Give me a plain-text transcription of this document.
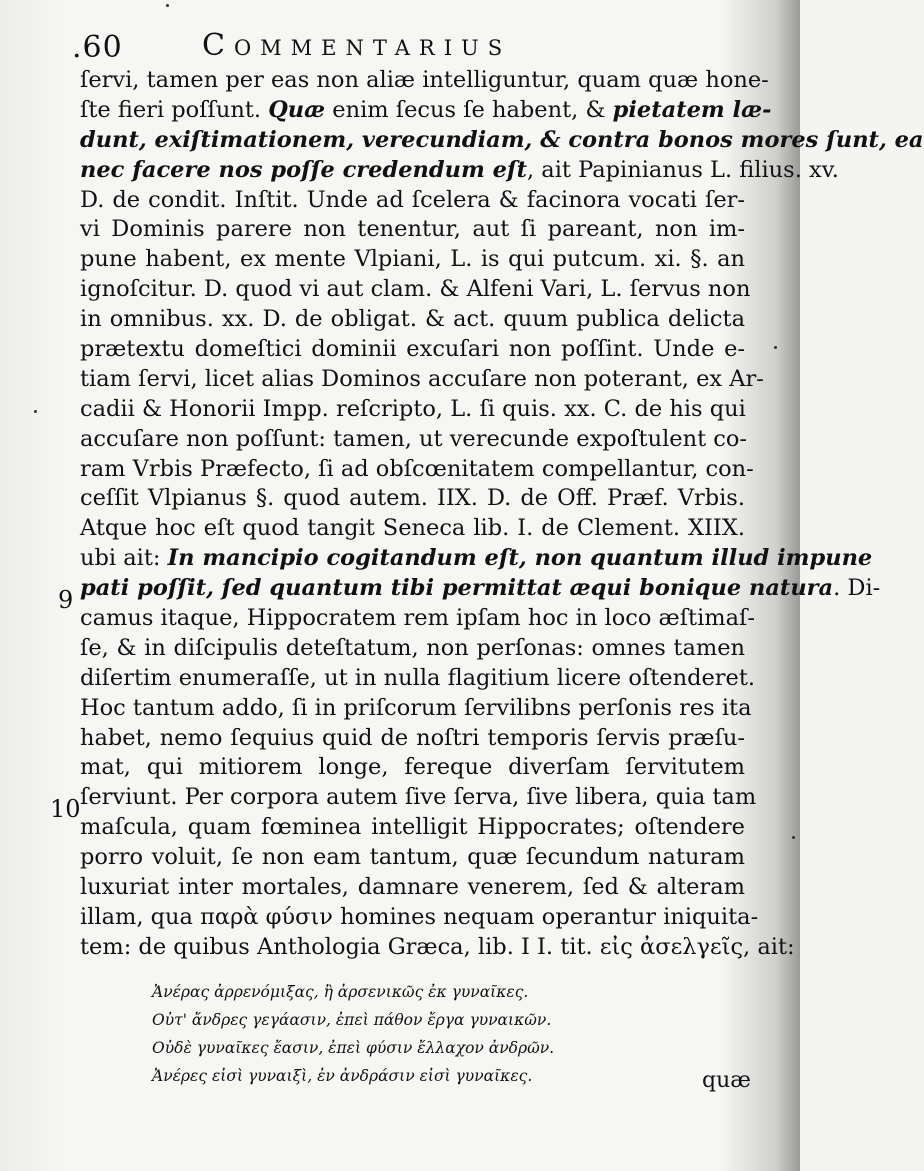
.60	Commentarius
ſervi, tamen per eas non aliæ intelliguntur, quam quæ hone-
ſte fieri poſſunt. Quæ enim ſecus ſe habent, & pietatem læ-
dunt, exiſtimationem, verecundiam, & contra bonos mores ſunt, ea
nec facere nos poſſe credendum eſt, ait Papinianus L. filius. xv.
D. de condit. Inſtit. Unde ad ſcelera & facinora vocati ſer-
vi Dominis parere non tenentur, aut ſi pareant, non im-
pune habent, ex mente Vlpiani, L. is qui putcum. xi. §. an
ignoſcitur. D. quod vi aut clam. & Alfeni Vari, L. ſervus non
in omnibus. xx. D. de obligat. & act. quum publica delicta
prætextu domeſtici dominii excuſari non poſſint. Unde e-
tiam ſervi, licet alias Dominos accuſare non poterant, ex Ar-
cadii & Honorii Impp. reſcripto, L. ſi quis. xx. C. de his qui
accuſare non poſſunt: tamen, ut verecunde expoſtulent co-
ram Vrbis Præfecto, ſi ad obſcœnitatem compellantur, con-
ceſſit Vlpianus §. quod autem. IIX. D. de Off. Præf. Vrbis.
Atque hoc eſt quod tangit Seneca lib. I. de Clement. XIIX.
ubi ait: In mancipio cogitandum eſt, non quantum illud impune
pati poſſit, ſed quantum tibi permittat æqui bonique natura. Di-
camus itaque, Hippocratem rem ipſam hoc in loco æſtimaſ-
ſe, & in diſcipulis deteſtatum, non perſonas: omnes tamen
diſertim enumeraſſe, ut in nulla flagitium licere oſtenderet.
Hoc tantum addo, ſi in priſcorum ſervilibns perſonis res ita
habet, nemo ſequius quid de noſtri temporis ſervis præſu-
mat, qui mitiorem longe, fereque diverſam ſervitutem
ſerviunt. Per corpora autem ſive ſerva, ſive libera, quia tam
maſcula, quam fœminea intelligit Hippocrates; oſtendere
porro voluit, ſe non eam tantum, quæ ſecundum naturam
luxuriat inter mortales, damnare venerem, ſed & alteram
illam, qua παρὰ φύσιν homines nequam operantur iniquita-
tem: de quibus Anthologia Græca, lib. I I. tit. εἰς ἀσελγεῖς, ait:
9
10
Ἀνέρας ἀρρενόμιξας, ἢ ἀρσενικῶς ἐκ γυναῖκες.
Οὐτ' ἄνδρες γεγάασιν, ἐπεὶ πάθον ἔργα γυναικῶν.
Οὐδὲ γυναῖκες ἔασιν, ἐπεὶ φύσιν ἔλλαχον ἀνδρῶν.
Ἀνέρες εἰσὶ γυναιξὶ, ἐν ἀνδράσιν εἰσὶ γυναῖκες.	quæ
